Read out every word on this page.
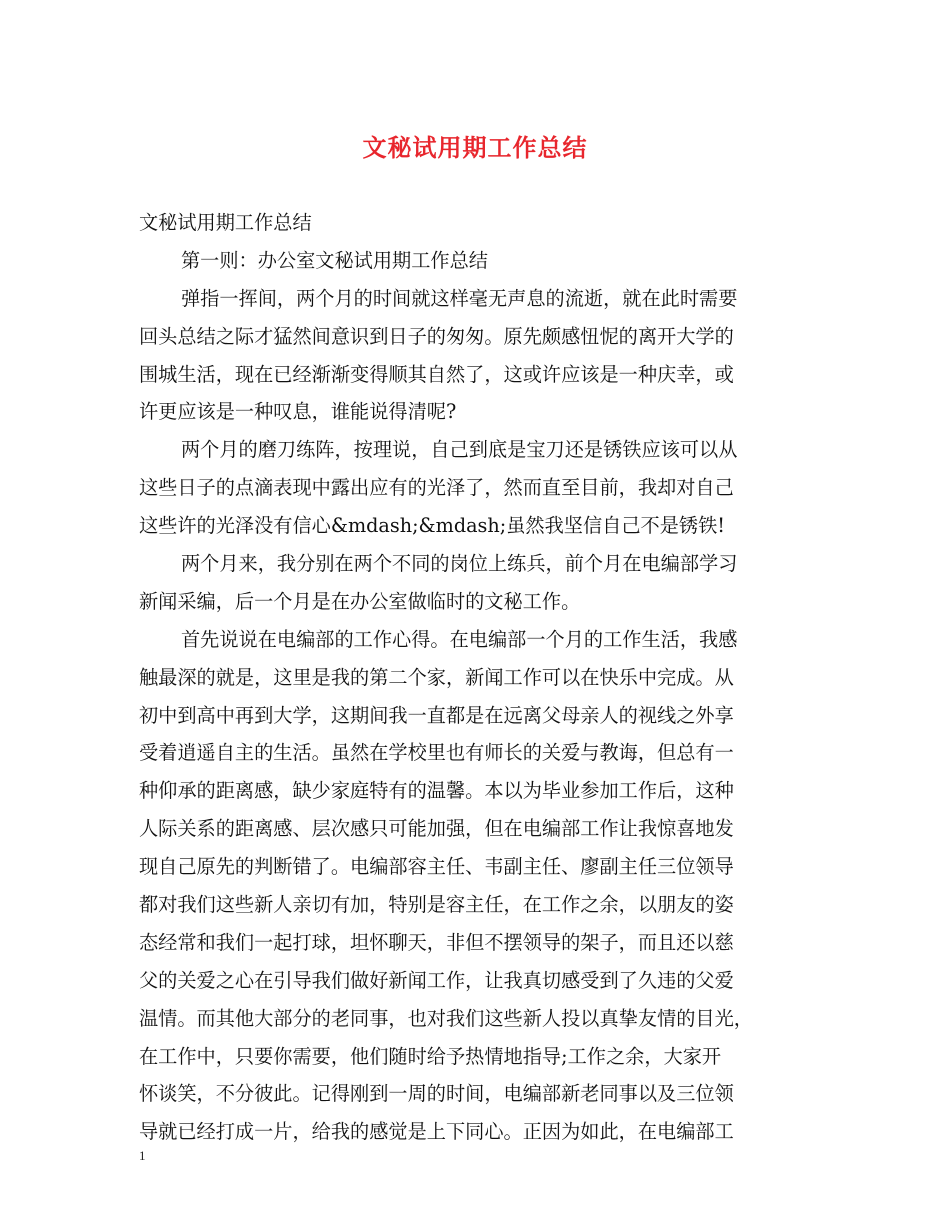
文秘试用期工作总结
文秘试用期工作总结
第一则：办公室文秘试用期工作总结
弹指一挥间，两个月的时间就这样毫无声息的流逝，就在此时需要
回头总结之际才猛然间意识到日子的匆匆。原先颇感忸怩的离开大学的
围城生活，现在已经渐渐变得顺其自然了，这或许应该是一种庆幸，或
许更应该是一种叹息，谁能说得清呢?
两个月的磨刀练阵，按理说，自己到底是宝刀还是锈铁应该可以从
这些日子的点滴表现中露出应有的光泽了，然而直至目前，我却对自己
这些许的光泽没有信心&mdash;&mdash;虽然我坚信自己不是锈铁!
两个月来，我分别在两个不同的岗位上练兵，前个月在电编部学习
新闻采编，后一个月是在办公室做临时的文秘工作。
首先说说在电编部的工作心得。在电编部一个月的工作生活，我感
触最深的就是，这里是我的第二个家，新闻工作可以在快乐中完成。从
初中到高中再到大学，这期间我一直都是在远离父母亲人的视线之外享
受着逍遥自主的生活。虽然在学校里也有师长的关爱与教诲，但总有一
种仰承的距离感，缺少家庭特有的温馨。本以为毕业参加工作后，这种
人际关系的距离感、层次感只可能加强，但在电编部工作让我惊喜地发
现自己原先的判断错了。电编部容主任、韦副主任、廖副主任三位领导
都对我们这些新人亲切有加，特别是容主任，在工作之余，以朋友的姿
态经常和我们一起打球，坦怀聊天，非但不摆领导的架子，而且还以慈
父的关爱之心在引导我们做好新闻工作，让我真切感受到了久违的父爱
温情。而其他大部分的老同事，也对我们这些新人投以真挚友情的目光，
在工作中，只要你需要，他们随时给予热情地指导;工作之余，大家开
怀谈笑，不分彼此。记得刚到一周的时间，电编部新老同事以及三位领
导就已经打成一片，给我的感觉是上下同心。正因为如此，在电编部工
1
